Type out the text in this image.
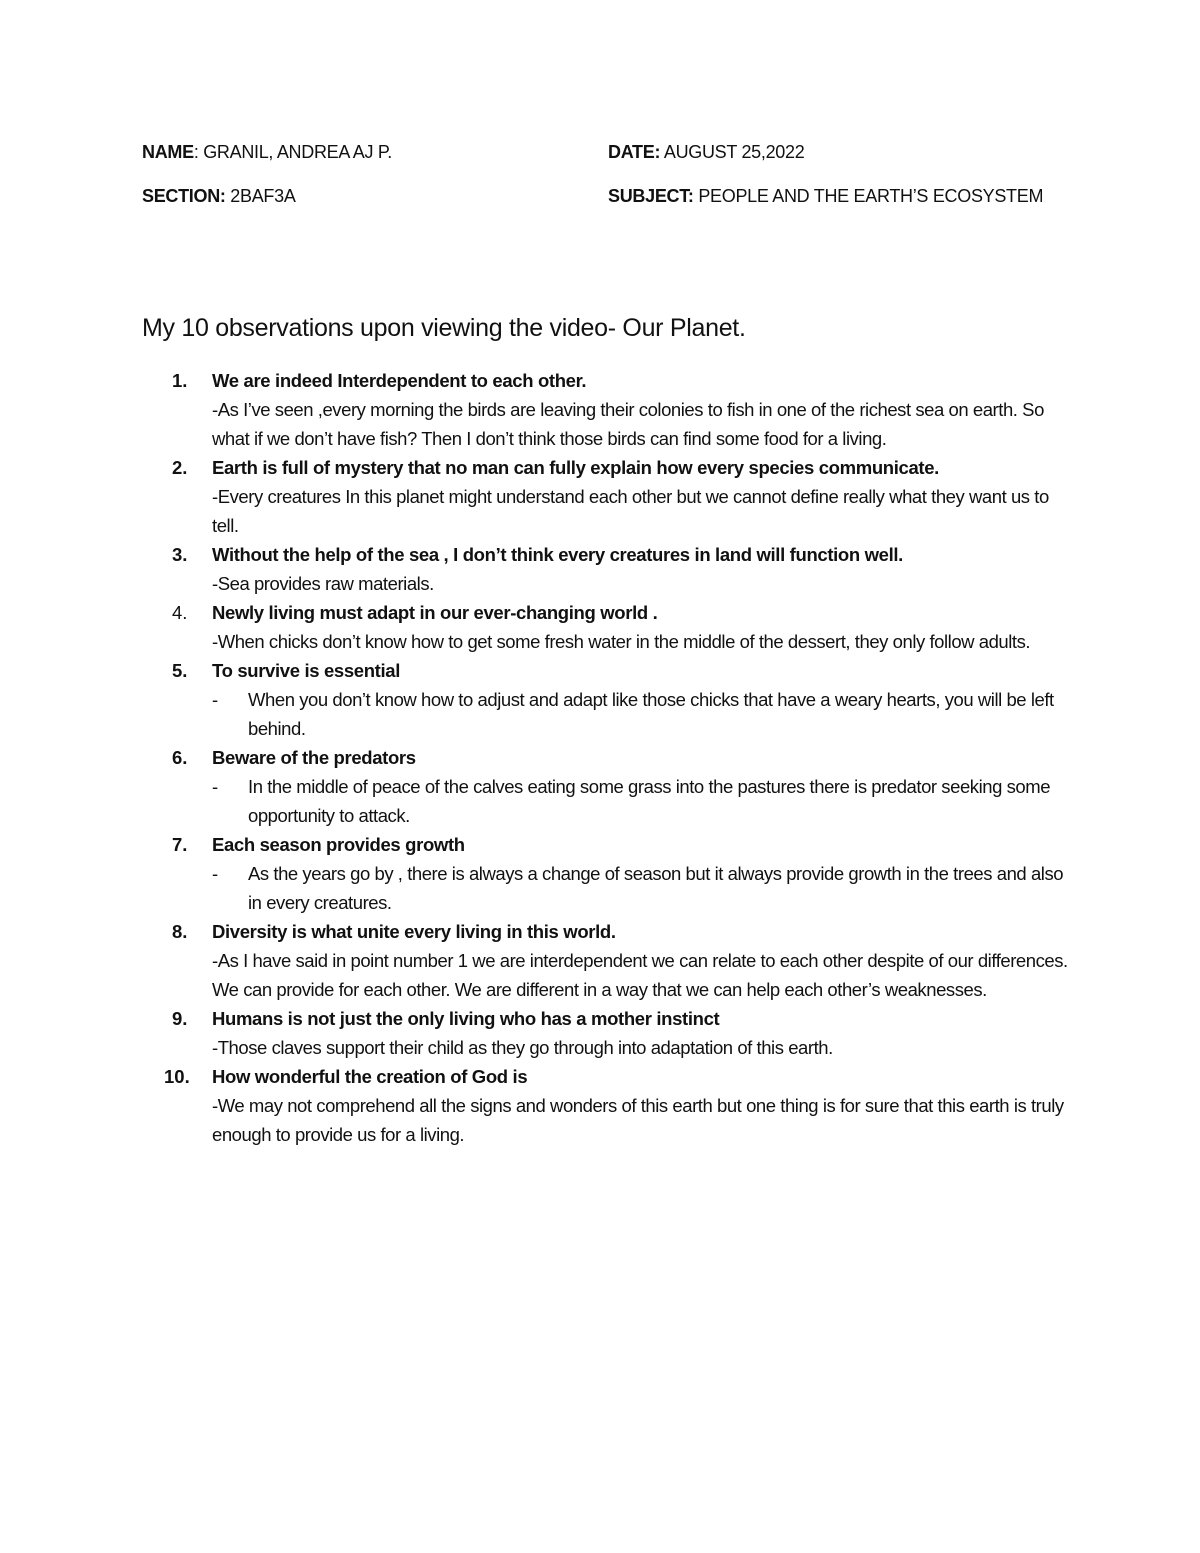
NAME: GRANIL, ANDREA AJ P.	DATE: AUGUST 25,2022
SECTION: 2BAF3A	SUBJECT: PEOPLE AND THE EARTH’S ECOSYSTEM
My 10 observations upon viewing the video- Our Planet.
1.	We are indeed Interdependent to each other.
-As I’ve seen ,every morning the birds are leaving their colonies to fish in one of the richest sea on earth. So what if we don’t have fish? Then I don’t think those birds can find some food for a living.
2.	Earth is full of mystery that no man can fully explain how every species communicate.
-Every creatures In this planet might understand each other but we cannot define really what they want us to tell.
3.	Without the help of the sea , I don’t think every creatures in land will function well.
-Sea provides raw materials.
4.	Newly living must adapt in our ever-changing world .
-When chicks don’t know how to get some fresh water in the middle of the dessert, they only follow adults.
5.	To survive is essential
- When you don’t know how to adjust and adapt like those chicks that have a weary hearts, you will be left behind.
6.	Beware of the predators
- In the middle of peace of the calves eating some grass into the pastures there is predator seeking some opportunity to attack.
7.	Each season provides growth
- As the years go by , there is always a change of season but it always provide growth in the trees and also in every creatures.
8.	Diversity is what unite every living in this world.
-As I have said in point number 1 we are interdependent we can relate to each other despite of our differences. We can provide for each other. We are different in a way that we can help each other’s weaknesses.
9.	Humans is not just the only living who has a mother instinct
-Those claves support their child as they go through into adaptation of this earth.
10.	How wonderful the creation of God is
-We may not comprehend all the signs and wonders of this earth but one thing is for sure that this earth is truly enough to provide us for a living.
